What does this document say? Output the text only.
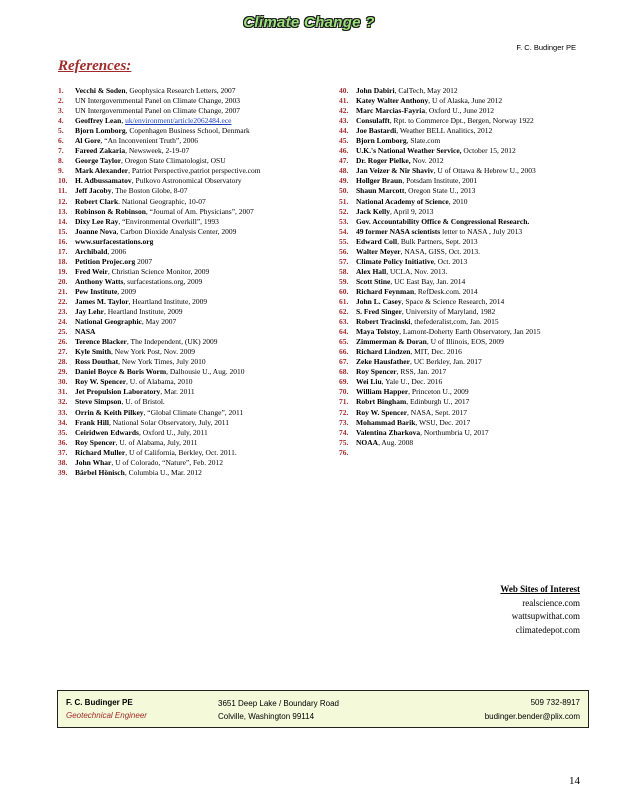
Climate Change ?
F. C. Budinger PE
References:
1.	Vecchi & Soden, Geophysica Research Letters, 2007
2.	UN Intergovernmental Panel on Climate Change, 2003
3.	UN Intergovernmental Panel on Climate Change, 2007
4.	Geoffrey Lean, uk/environment/article2062484.ece
5.	Bjorn Lomborg, Copenhagen Business School, Denmark
6.	Al Gore, “An Inconvenient Truth”, 2006
7.	Fareed Zakaria, Newsweek, 2-19-07
8.	George Taylor, Oregon State Climatologist, OSU
9.	Mark Alexander, Patriot Perspective,patriot perspective.com
10.	H. Adbussamatov, Pulkovo Astronomical Observatory
11.	Jeff Jacoby, The Boston Globe, 8-07
12.	Robert Clark. National Geographic, 10-07
13.	Robinson & Robinson, “Journal of Am. Physicians”, 2007
14.	Dixy Lee Ray, “Environmental Overkill”, 1993
15.	Joanne Nova, Carbon Dioxide Analysis Center, 2009
16.	www.surfacestations.org
17.	Archibald, 2006
18.	Petition Projec.org 2007
19.	Fred Weir, Christian Science Monitor, 2009
20.	Anthony Watts, surfacestations.org, 2009
21.	Pew Institute, 2009
22.	James M. Taylor, Heartland Institute, 2009
23.	Jay Lehr, Heartland Institute, 2009
24.	National Geographic, May 2007
25.	NASA
26.	Terence Blacker, The Independent, (UK) 2009
27.	Kyle Smith, New York Post, Nov. 2009
28.	Ross Douthat, New York Times, July 2010
29.	Daniel Boyce & Boris Worm, Dalhousie U., Aug. 2010
30.	Roy W. Spencer, U. of Alabama, 2010
31.	Jet Propulsion Laboratory, Mar. 2011
32.	Steve Simpson, U. of Bristol.
33.	Orrin & Keith Pilkey, “Global Climate Change”, 2011
34.	Frank Hill, National Solar Observatory, July, 2011
35.	Ceiridwen Edwards, Oxford U., July, 2011
36.	Roy Spencer, U. of Alabama, July, 2011
37.	Richard Muller, U of California, Berkley, Oct. 2011.
38.	John Whar, U of Colorado, “Nature”, Feb. 2012
39.	Bärbel Hönisch, Columbia U., Mar. 2012
40.	John Dabiri, CalTech, May 2012
41.	Katey Walter Anthony, U of Alaska, June 2012
42.	Marc Marcias-Fayria, Oxford U., June 2012
43.	Consulafft, Rpt. to Commerce Dpt., Bergen, Norway 1922
44.	Joe Bastardi, Weather BELL Analitics, 2012
45.	Bjorn Lomborg, Slate.com
46.	U.K.'s National Weather Service, October 15, 2012
47.	Dr. Roger Pielke, Nov. 2012
48.	Jan Veizer & Nir Shaviv, U of Ottawa & Hebrew U., 2003
49.	Hollger Braun, Potsdam Institute, 2001
50.	Shaun Marcott, Oregon State U., 2013
51.	National Academy of Science, 2010
52.	Jack Kelly, April 9, 2013
53.	Gov. Accountability Office & Congressional Research.
54.	49 former NASA scientists letter to NASA , July 2013
55.	Edward Coll, Bulk Partners, Sept. 2013
56.	Walter Meyer, NASA, GISS, Oct. 2013.
57.	Climate Policy Initiative, Oct. 2013
58.	Alex Hall, UCLA, Nov. 2013.
59.	Scott Stine, UC East Bay, Jan. 2014
60.	Richard Feynman, RefDesk.com. 2014
61.	John L. Casey, Space & Science Research, 2014
62.	S. Fred Singer, University of Maryland, 1982
63.	Robert Tracinski, thefederalist,com, Jan. 2015
64.	Maya Tolstoy, Lamont-Doherty Earth Observatory, Jan 2015
65.	Zimmerman & Doran, U of Illinois, EOS, 2009
66.	Richard Lindzen, MIT, Dec. 2016
67.	Zeke Hausfather, UC Berkley, Jan. 2017
68.	Roy Spencer, RSS, Jan. 2017
69.	Wei Liu, Yale U., Dec. 2016
70.	William Happer, Princeton U., 2009
71.	Robrt Bingham, Edinburgh U., 2017
72.	Roy W. Spencer, NASA, Sept. 2017
73.	Mohammad Barik, WSU, Dec. 2017
74.	Valentina Zharkova, Northumbria U, 2017
75.	NOAA, Aug. 2008
76.
Web Sites of Interest
realscience.com
wattsupwithat.com
climatedepot.com
F. C. Budinger PE
Geotechnical Engineer
3651 Deep Lake / Boundary Road
Colville, Washington 99114
509 732-8917
budinger.bender@plix.com
14
